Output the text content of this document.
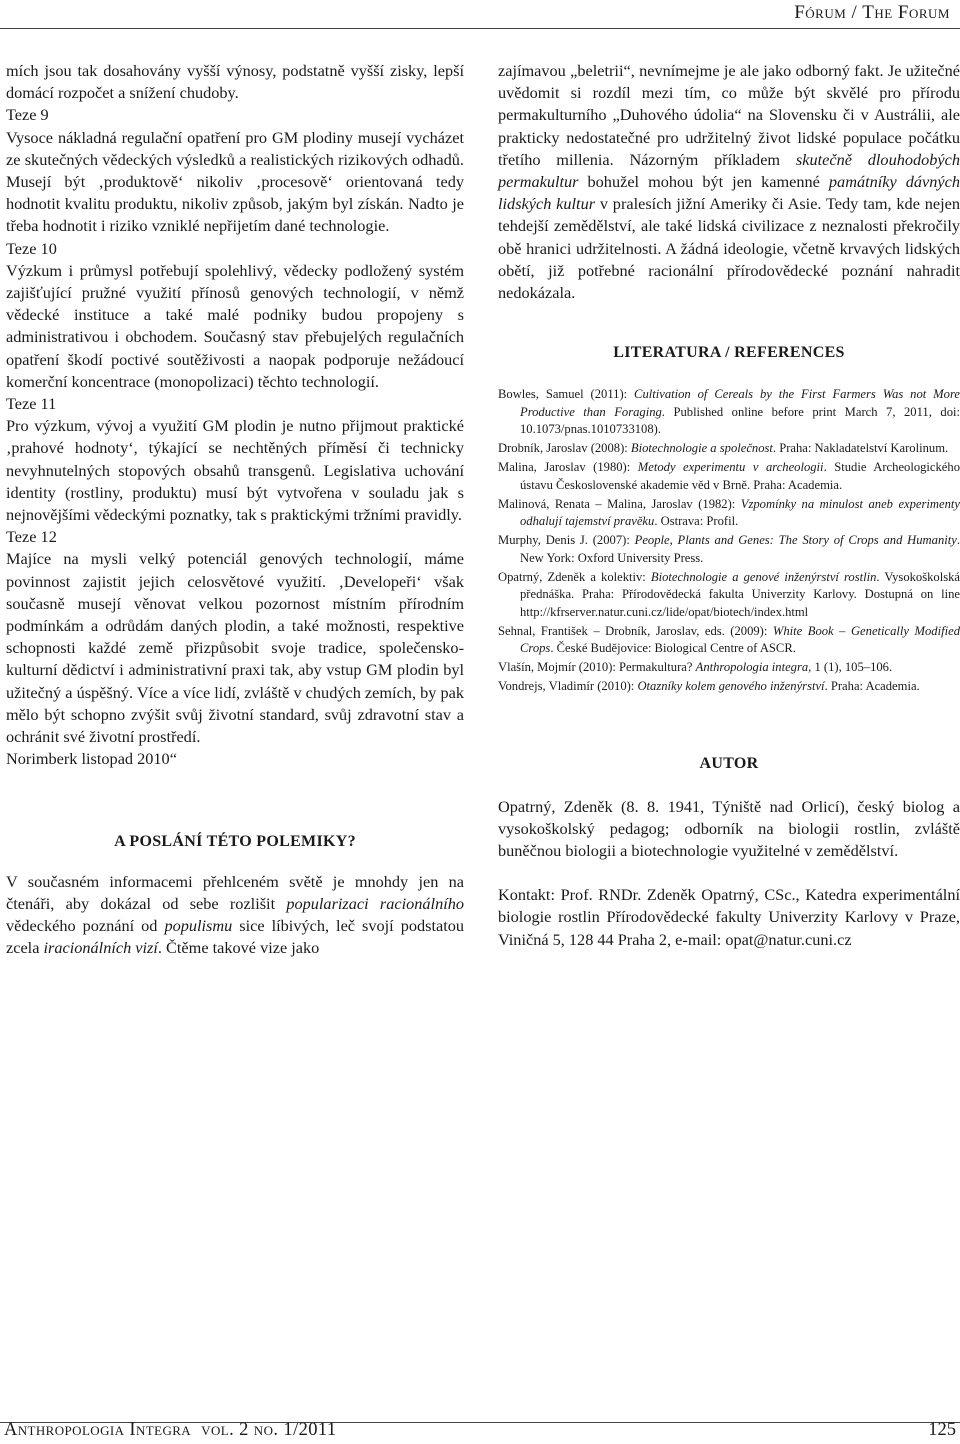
Fórum / The Forum

mích jsou tak dosahovány vyšší výnosy, podstatně vyšší zisky, lepší domácí rozpočet a snížení chudoby.

Teze 9

Vysoce nákladná regulační opatření pro GM plodiny musejí vycházet ze skutečných vědeckých výsledků a realistických rizikových odhadů. Musejí být ‚produktově‘ nikoliv ‚procesově‘ orientovaná tedy hodnotit kvalitu produktu, nikoliv způsob, jakým byl získán. Nadto je třeba hodnotit i riziko vzniklé nepřijetím dané technologie.

Teze 10

Výzkum i průmysl potřebují spolehlivý, vědecky podložený systém zajišťující pružné využití přínosů genových technologií, v němž vědecké instituce a také malé podniky budou propojeny s administrativou i obchodem. Současný stav přebujelých regulačních opatření škodí poctivé soutěživosti a naopak podporuje nežádoucí komerční koncentrace (monopolizaci) těchto technologií.

Teze 11

Pro výzkum, vývoj a využití GM plodin je nutno přijmout praktické ‚prahové hodnoty‘, týkající se nechtěných příměsí či technicky nevyhnutelných stopových obsahů transgenů. Legislativa uchování identity (rostliny, produktu) musí být vytvořena v souladu jak s nejnovějšími vědeckými poznatky, tak s praktickými tržními pravidly.

Teze 12

Majíce na mysli velký potenciál genových technologií, máme povinnost zajistit jejich celosvětové využití. ‚Developeři‘ však současně musejí věnovat velkou pozornost místním přírodním podmínkám a odrůdám daných plodin, a také možnosti, respektive schopnosti každé země přizpůsobit svoje tradice, společensko-kulturní dědictví i administrativní praxi tak, aby vstup GM plodin byl užitečný a úspěšný. Více a více lidí, zvláště v chudých zemích, by pak mělo být schopno zvýšit svůj životní standard, svůj zdravotní stav a ochránit své životní prostředí.

Norimberk listopad 2010“

A POSLÁNÍ TÉTO POLEMIKY?

V současném informacemi přehlceném světě je mnohdy jen na čtenáři, aby dokázal od sebe rozlišit popularizaci racionálního vědeckého poznání od populismu sice líbivých, leč svojí podstatou zcela iracionálních vizí. Čtěme takové vize jako

zajímavou „beletrii“, nevnímejme je ale jako odborný fakt. Je užitečné uvědomit si rozdíl mezi tím, co může být skvělé pro přírodu permakulturního „Duhového údolia“ na Slovensku či v Austrálii, ale prakticky nedostatečné pro udržitelný život lidské populace počátku třetího millenia. Názorným příkladem skutečně dlouhodobých permakultur bohužel mohou být jen kamenné památníky dávných lidských kultur v pralesích jižní Ameriky či Asie. Tedy tam, kde nejen tehdejší zemědělství, ale také lidská civilizace z neznalosti překročily obě hranici udržitelnosti. A žádná ideologie, včetně krvavých lidských obětí, již potřebné racionální přírodovědecké poznání nahradit nedokázala.

LITERATURA / REFERENCES

Bowles, Samuel (2011): Cultivation of Cereals by the First Farmers Was not More Productive than Foraging. Published online before print March 7, 2011, doi: 10.1073/pnas.1010733108).

Drobník, Jaroslav (2008): Biotechnologie a společnost. Praha: Nakladatelství Karolinum.

Malina, Jaroslav (1980): Metody experimentu v archeologii. Studie Archeologického ústavu Československé akademie věd v Brně. Praha: Academia.

Malinová, Renata – Malina, Jaroslav (1982): Vzpomínky na minulost aneb experimenty odhalují tajemství pravěku. Ostrava: Profil.

Murphy, Denis J. (2007): People, Plants and Genes: The Story of Crops and Humanity. New York: Oxford University Press.

Opatrný, Zdeněk a kolektiv: Biotechnologie a genové inženýrství rostlin. Vysokoškolská přednáška. Praha: Přírodovědecká fakulta Univerzity Karlovy. Dostupná on line http://kfrserver.natur.cuni.cz/lide/opat/biotech/index.html

Sehnal, František – Drobník, Jaroslav, eds. (2009): White Book – Genetically Modified Crops. České Budějovice: Biological Centre of ASCR.

Vlašín, Mojmír (2010): Permakultura? Anthropologia integra, 1 (1), 105–106.

Vondrejs, Vladimír (2010): Otazníky kolem genového inženýrství. Praha: Academia.

AUTOR

Opatrný, Zdeněk (8. 8. 1941, Týniště nad Orlicí), český biolog a vysokoškolský pedagog; odborník na biologii rostlin, zvláště buněčnou biologii a biotechnologie využitelné v zemědělství.

Kontakt: Prof. RNDr. Zdeněk Opatrný, CSc., Katedra experimentální biologie rostlin Přírodovědecké fakulty Univerzity Karlovy v Praze, Viničná 5, 128 44 Praha 2, e-mail: opat@natur.cuni.cz

Anthropologia Integra vol. 2 no. 1/2011	125
